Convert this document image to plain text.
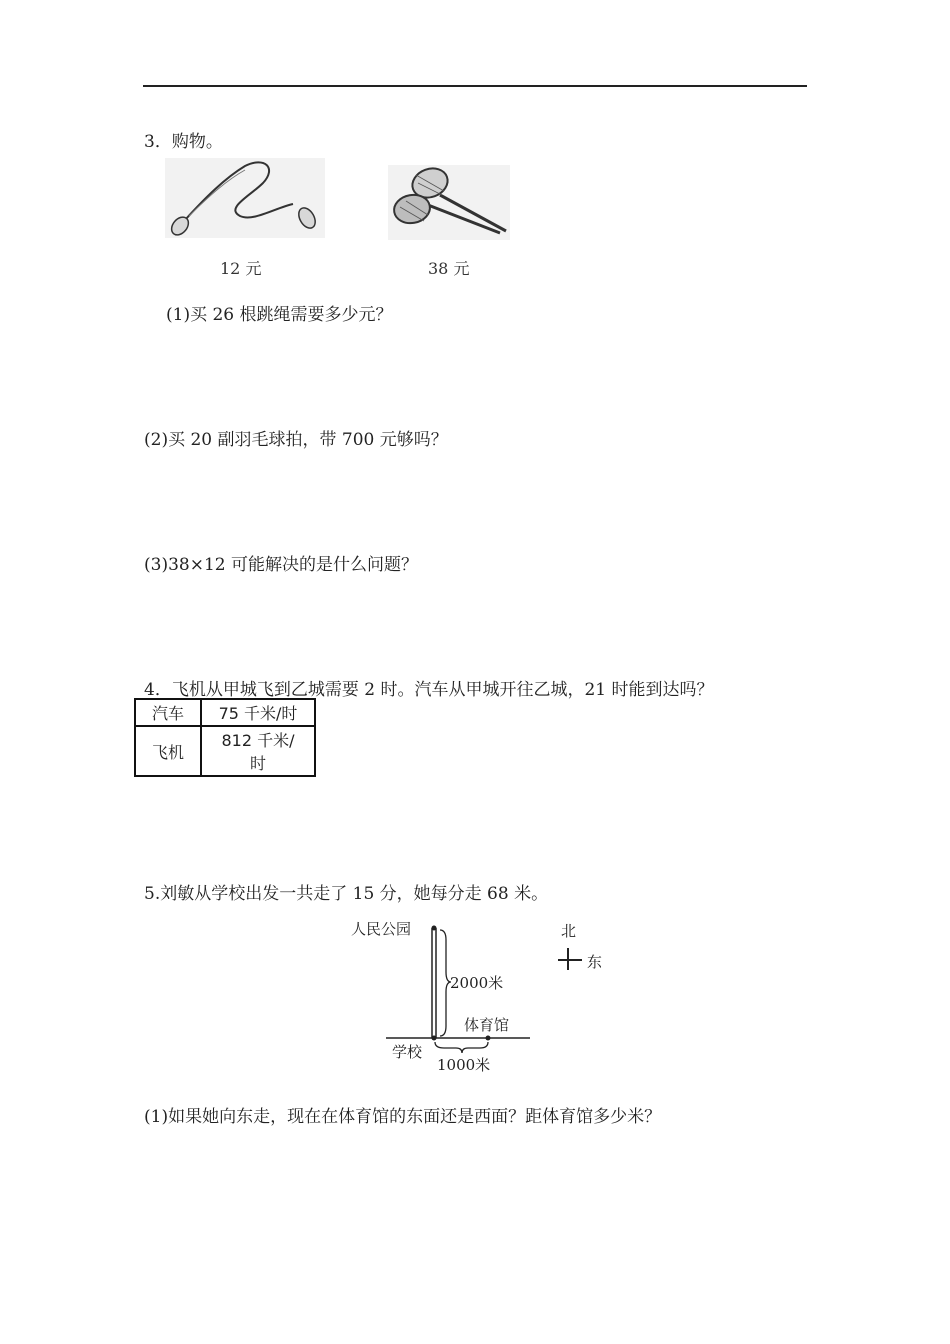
3．购物。
12 元	38 元
(1)买 26 根跳绳需要多少元？
(2)买 20 副羽毛球拍，带 700 元够吗？
(3)38×12 可能解决的是什么问题？
4．飞机从甲城飞到乙城需要 2 时。汽车从甲城开往乙城，21 时能到达吗？
汽车	75 千米/时
飞机	812 千米/
时
5.刘敏从学校出发一共走了 15 分，她每分走 68 米。
人民公园
2000米
体育馆
学校
1000米
北
东
(1)如果她向东走，现在在体育馆的东面还是西面？距体育馆多少米？
